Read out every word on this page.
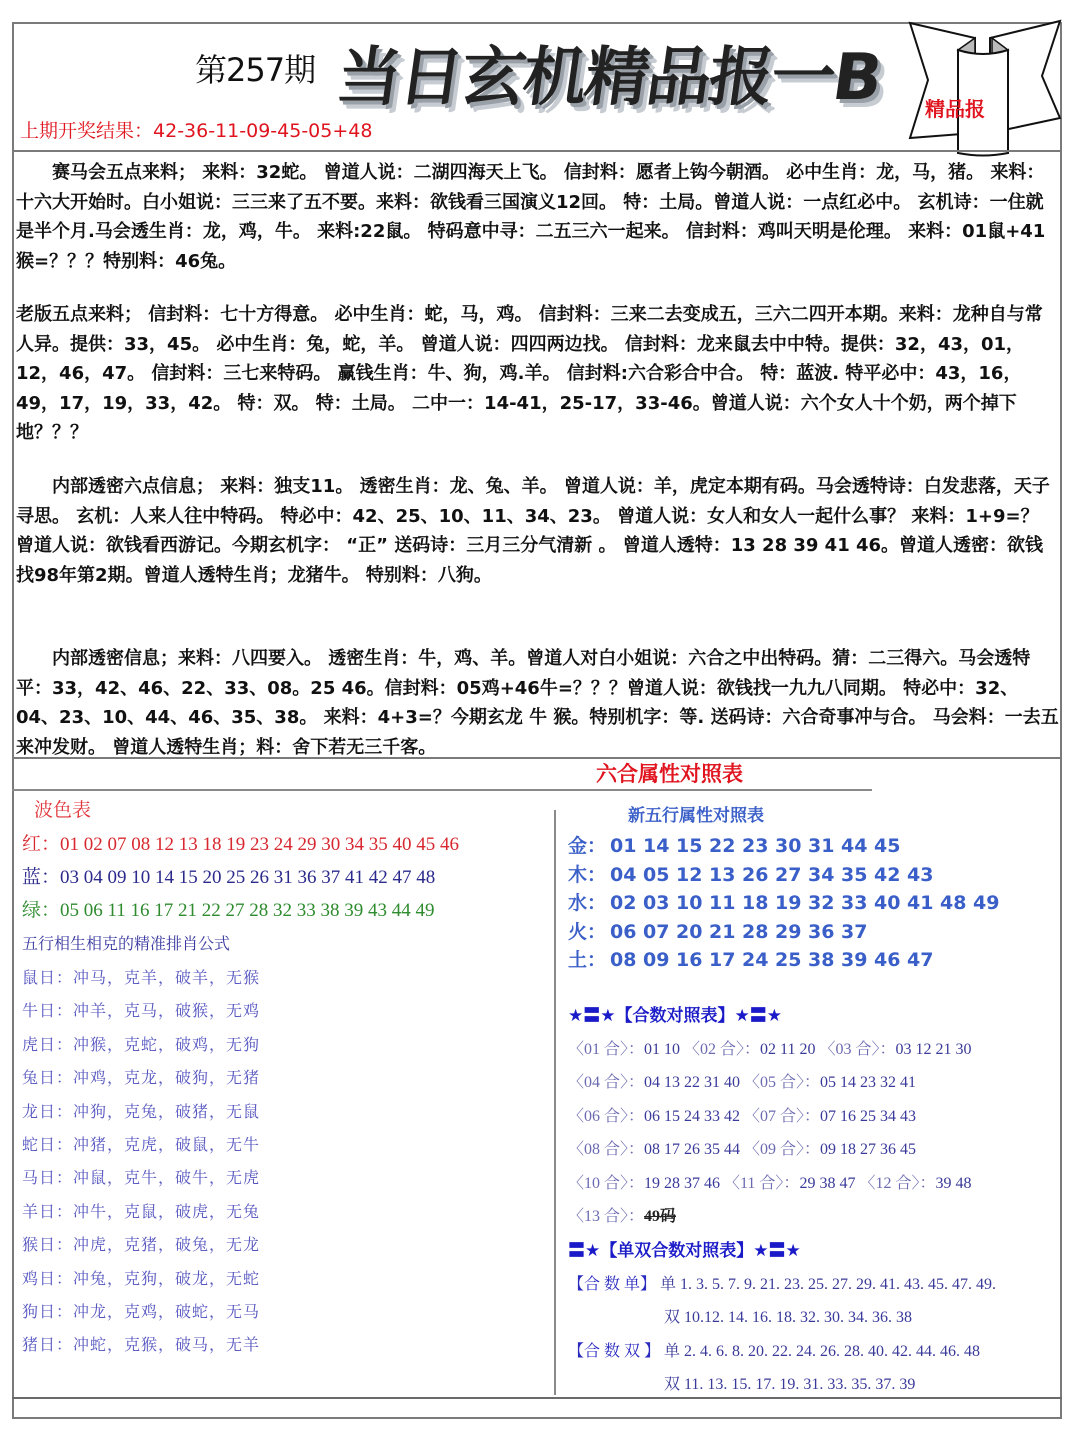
第257期 当日玄机精品报一B 精品报
上期开奖结果：42-36-11-09-45-05+48

赛马会五点来料； 来料：32蛇。 曾道人说：二湖四海天上飞。 信封料：愿者上钩今朝酒。 必中生肖：龙，马，猪。 来料：十六大开始时。白小姐说：三三来了五不要。来料：欲钱看三国演义12回。 特：土局。曾道人说：一点红必中。 玄机诗：一住就是半个月.马会透生肖：龙，鸡，牛。 来料:22鼠。 特码意中寻：二五三六一起来。 信封料：鸡叫天明是伦理。 来料：01鼠+41猴=？？？特别料：46兔。

老版五点来料； 信封料：七十方得意。 必中生肖：蛇，马，鸡。 信封料：三来二去变成五，三六二四开本期。来料：龙种自与常人异。提供：33，45。 必中生肖：兔，蛇，羊。 曾道人说：四四两边找。 信封料：龙来鼠去中中特。提供：32，43，01，12，46，47。 信封料：三七来特码。 赢钱生肖：牛、狗，鸡.羊。 信封料:六合彩合中合。 特：蓝波. 特平必中：43，16，49，17，19，33，42。 特：双。 特：土局。 二中一：14-41，25-17，33-46。曾道人说：六个女人十个奶，两个掉下地？？？

内部透密六点信息； 来料：独支11。 透密生肖：龙、兔、羊。 曾道人说：羊，虎定本期有码。马会透特诗：白发悲落，天子寻思。 玄机：人来人往中特码。 特必中：42、25、10、11、34、23。 曾道人说：女人和女人一起什么事？ 来料：1+9=？ 曾道人说：欲钱看西游记。今期玄机字： “正” 送码诗：三月三分气清新 。 曾道人透特：13 28 39 41 46。曾道人透密：欲钱找98年第2期。曾道人透特生肖；龙猪牛。 特别料：八狗。

内部透密信息；来料：八四要入。 透密生肖：牛，鸡、羊。曾道人对白小姐说：六合之中出特码。猜：二三得六。马会透特平：33，42、46、22、33、08。25 46。信封料：05鸡+46牛=？？？曾道人说：欲钱找一九九八同期。 特必中：32、04、23、10、44、46、35、38。 来料：4+3=？今期玄龙 牛 猴。特别机字：等. 送码诗：六合奇事冲与合。 马会料：一去五来冲发财。 曾道人透特生肖；料：舍下若无三千客。

六合属性对照表
波色表
红：01 02 07 08 12 13 18 19 23 24 29 30 34 35 40 45 46
蓝：03 04 09 10 14 15 20 25 26 31 36 37 41 42 47 48
绿：05 06 11 16 17 21 22 27 28 32 33 38 39 43 44 49
五行相生相克的精准排肖公式
鼠日：冲马，克羊，破羊，无猴
牛日：冲羊，克马，破猴，无鸡
虎日：冲猴，克蛇，破鸡，无狗
兔日：冲鸡，克龙，破狗，无猪
龙日：冲狗，克兔，破猪，无鼠
蛇日：冲猪，克虎，破鼠，无牛
马日：冲鼠，克牛，破牛，无虎
羊日：冲牛，克鼠，破虎，无兔
猴日：冲虎，克猪，破兔，无龙
鸡日：冲兔，克狗，破龙，无蛇
狗日：冲龙，克鸡，破蛇，无马
猪日：冲蛇，克猴，破马，无羊
新五行属性对照表
金： 01 14 15 22 23 30 31 44 45
木： 04 05 12 13 26 27 34 35 42 43
水： 02 03 10 11 18 19 32 33 40 41 48 49
火： 06 07 20 21 28 29 36 37
土： 08 09 16 17 24 25 38 39 46 47
★〓★【合数对照表】★〓★
〈01 合〉：01 10 〈02 合〉：02 11 20 〈03 合〉：03 12 21 30
〈04 合〉：04 13 22 31 40 〈05 合〉：05 14 23 32 41
〈06 合〉：06 15 24 33 42 〈07 合〉：07 16 25 34 43
〈08 合〉：08 17 26 35 44 〈09 合〉：09 18 27 36 45
〈10 合〉：19 28 37 46 〈11 合〉：29 38 47 〈12 合〉：39 48
〈13 合〉：49码
〓★【单双合数对照表】★〓★
【合 数 单】 单 1. 3. 5. 7. 9. 21. 23. 25. 27. 29. 41. 43. 45. 47. 49.
双 10.12. 14. 16. 18. 32. 30. 34. 36. 38
【合 数 双 】 单 2. 4. 6. 8. 20. 22. 24. 26. 28. 40. 42. 44. 46. 48
双 11. 13. 15. 17. 19. 31. 33. 35. 37. 39
